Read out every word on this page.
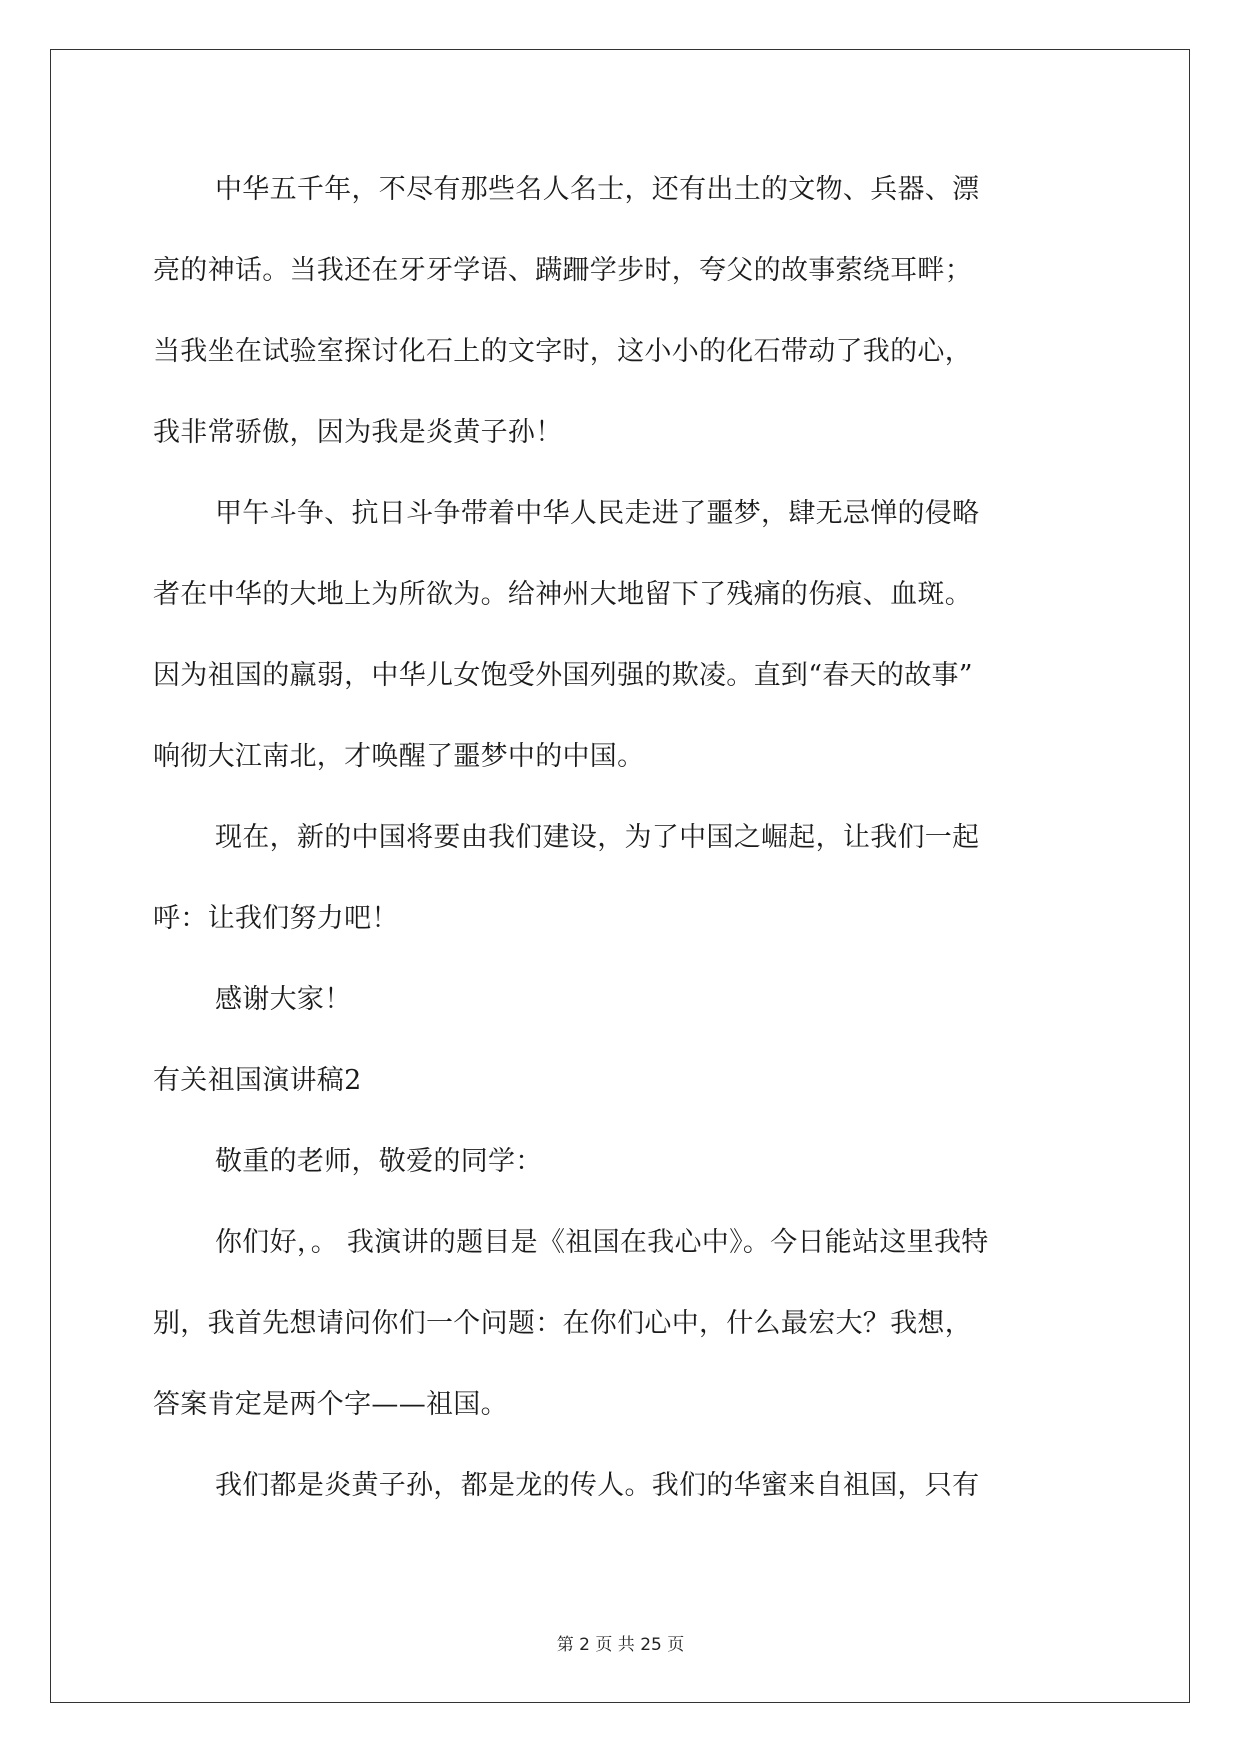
中华五千年，不尽有那些名人名士，还有出土的文物、兵器、漂
亮的神话。当我还在牙牙学语、蹒跚学步时，夸父的故事萦绕耳畔；
当我坐在试验室探讨化石上的文字时，这小小的化石带动了我的心，
我非常骄傲，因为我是炎黄子孙！
甲午斗争、抗日斗争带着中华人民走进了噩梦，肆无忌惮的侵略
者在中华的大地上为所欲为。给神州大地留下了残痛的伤痕、血斑。
因为祖国的羸弱，中华儿女饱受外国列强的欺凌。直到“春天的故事”
响彻大江南北，才唤醒了噩梦中的中国。
现在，新的中国将要由我们建设，为了中国之崛起，让我们一起
呼：让我们努力吧！
感谢大家！
有关祖国演讲稿2
敬重的老师，敬爱的同学：
你们好，。 我演讲的题目是《祖国在我心中》。今日能站这里我特
别，我首先想请问你们一个问题：在你们心中，什么最宏大？我想，
答案肯定是两个字——祖国。
我们都是炎黄子孙，都是龙的传人。我们的华蜜来自祖国，只有
第 2 页 共 25 页
